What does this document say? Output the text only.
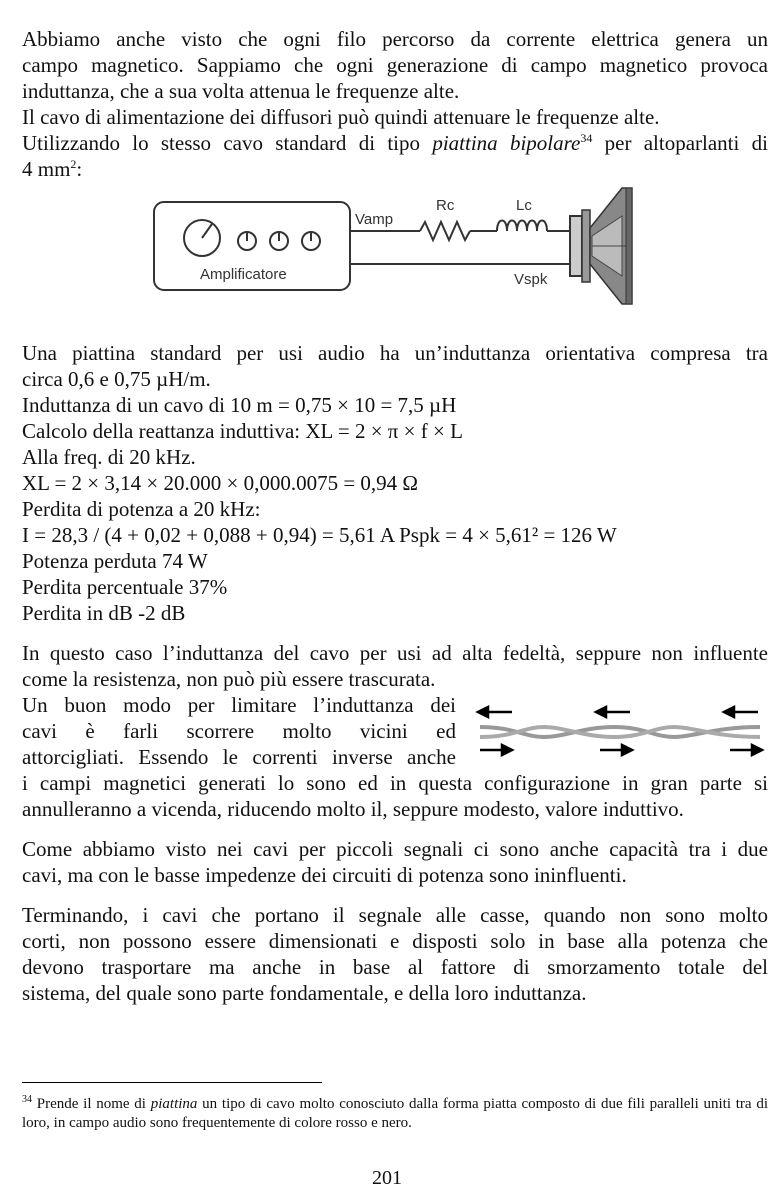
Abbiamo anche visto che ogni filo percorso da corrente elettrica genera un

campo magnetico. Sappiamo che ogni generazione di campo magnetico provoca

induttanza, che a sua volta attenua le frequenze alte.

Il cavo di alimentazione dei diffusori può quindi attenuare le frequenze alte.

Utilizzando lo stesso cavo standard di tipo piattina bipolare$^{34}$ per altoparlanti di

4 $mm^2$:

Amplificatore
Vamp
Rc	Lc
Vspk

Una piattina standard per usi audio ha un’induttanza orientativa compresa tra

circa 0,6 e 0,75 µH/m.

Induttanza di un cavo di 10 m = 0,75 × 10 = 7,5 µH

Calcolo della reattanza induttiva: XL = 2 × π × f × L

Alla freq. di 20 kHz.

XL = 2 × 3,14 × 20.000 × 0,000.0075 = 0,94 Ω

Perdita di potenza a 20 kHz:

I = 28,3 / (4 + 0,02 + 0,088 + 0,94) = 5,61 A Pspk = 4 × 5,61² = 126 W

Potenza perduta 74 W

Perdita percentuale 37%

Perdita in dB -2 dB

In questo caso l’induttanza del cavo per usi ad alta fedeltà, seppure non influente

come la resistenza, non può più essere trascurata.

Un buon modo per limitare l’induttanza dei

cavi è farli scorrere molto vicini ed

attorcigliati. Essendo le correnti inverse anche

i campi magnetici generati lo sono ed in questa configurazione in gran parte si

annulleranno a vicenda, riducendo molto il, seppure modesto, valore induttivo.

Come abbiamo visto nei cavi per piccoli segnali ci sono anche capacità tra i due

cavi, ma con le basse impedenze dei circuiti di potenza sono ininfluenti.

Terminando, i cavi che portano il segnale alle casse, quando non sono molto

corti, non possono essere dimensionati e disposti solo in base alla potenza che

devono trasportare ma anche in base al fattore di smorzamento totale del

sistema, del quale sono parte fondamentale, e della loro induttanza.

$^{34}$ Prende il nome di piattina un tipo di cavo molto conosciuto dalla forma piatta composto di due fili paralleli uniti tra di loro, in campo audio sono frequentemente di colore rosso e nero.
201
